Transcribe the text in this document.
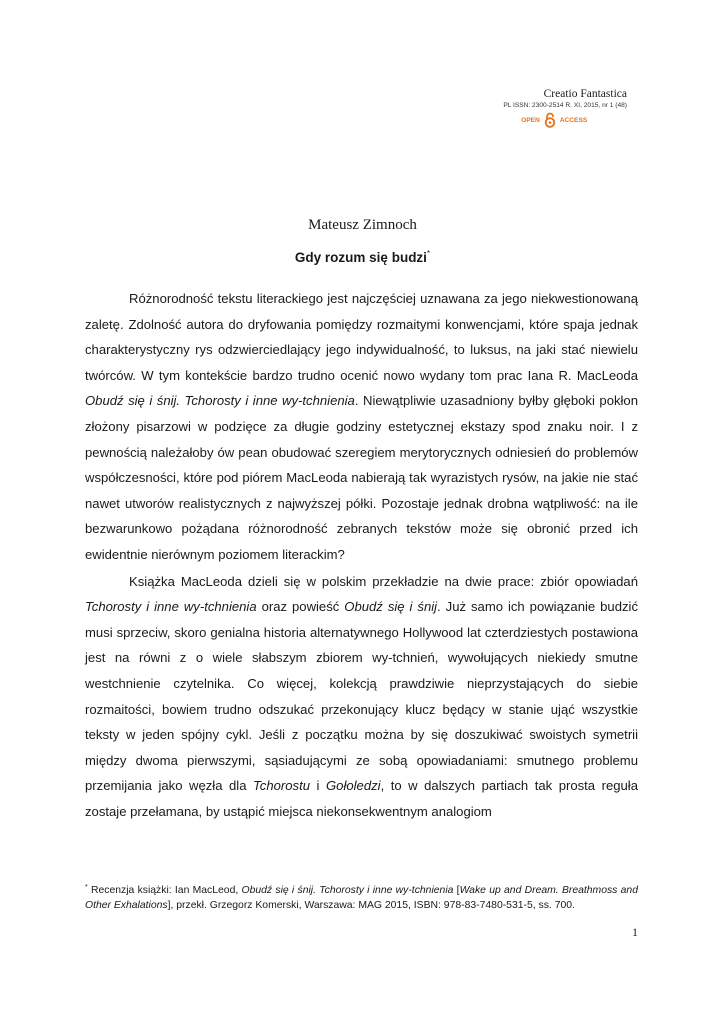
Creatio Fantastica
PL ISSN: 2300-2514 R. XI, 2015, nr 1 (48)
OPEN	ACCESS
Mateusz Zimnoch
Gdy rozum się budzi*

Różnorodność tekstu literackiego jest najczęściej uznawana za jego niekwestionowaną zaletę. Zdolność autora do dryfowania pomiędzy rozmaitymi konwencjami, które spaja jednak charakterystyczny rys odzwierciedlający jego indywidualność, to luksus, na jaki stać niewielu twórców. W tym kontekście bardzo trudno ocenić nowo wydany tom prac Iana R. MacLeoda Obudź się i śnij. Tchorosty i inne wy-tchnienia. Niewątpliwie uzasadniony byłby głęboki pokłon złożony pisarzowi w podzięce za długie godziny estetycznej ekstazy spod znaku noir. I z pewnością należałoby ów pean obudować szeregiem merytorycznych odniesień do problemów współczesności, które pod piórem MacLeoda nabierają tak wyrazistych rysów, na jakie nie stać nawet utworów realistycznych z najwyższej półki. Pozostaje jednak drobna wątpliwość: na ile bezwarunkowo pożądana różnorodność zebranych tekstów może się obronić przed ich ewidentnie nierównym poziomem literackim?

Książka MacLeoda dzieli się w polskim przekładzie na dwie prace: zbiór opowiadań Tchorosty i inne wy-tchnienia oraz powieść Obudź się i śnij. Już samo ich powiązanie budzić musi sprzeciw, skoro genialna historia alternatywnego Hollywood lat czterdziestych postawiona jest na równi z o wiele słabszym zbiorem wy-tchnień, wywołujących niekiedy smutne westchnienie czytelnika. Co więcej, kolekcją prawdziwie nieprzystających do siebie rozmaitości, bowiem trudno odszukać przekonujący klucz będący w stanie ująć wszystkie teksty w jeden spójny cykl. Jeśli z początku można by się doszukiwać swoistych symetrii między dwoma pierwszymi, sąsiadującymi ze sobą opowiadaniami: smutnego problemu przemijania jako węzła dla Tchorostu i Gołoledzi, to w dalszych partiach tak prosta reguła zostaje przełamana, by ustąpić miejsca niekonsekwentnym analogiom

* Recenzja książki: Ian MacLeod, Obudź się i śnij. Tchorosty i inne wy-tchnienia [Wake up and Dream. Breathmoss and Other Exhalations], przekł. Grzegorz Komerski, Warszawa: MAG 2015, ISBN: 978-83-7480-531-5, ss. 700.
1
